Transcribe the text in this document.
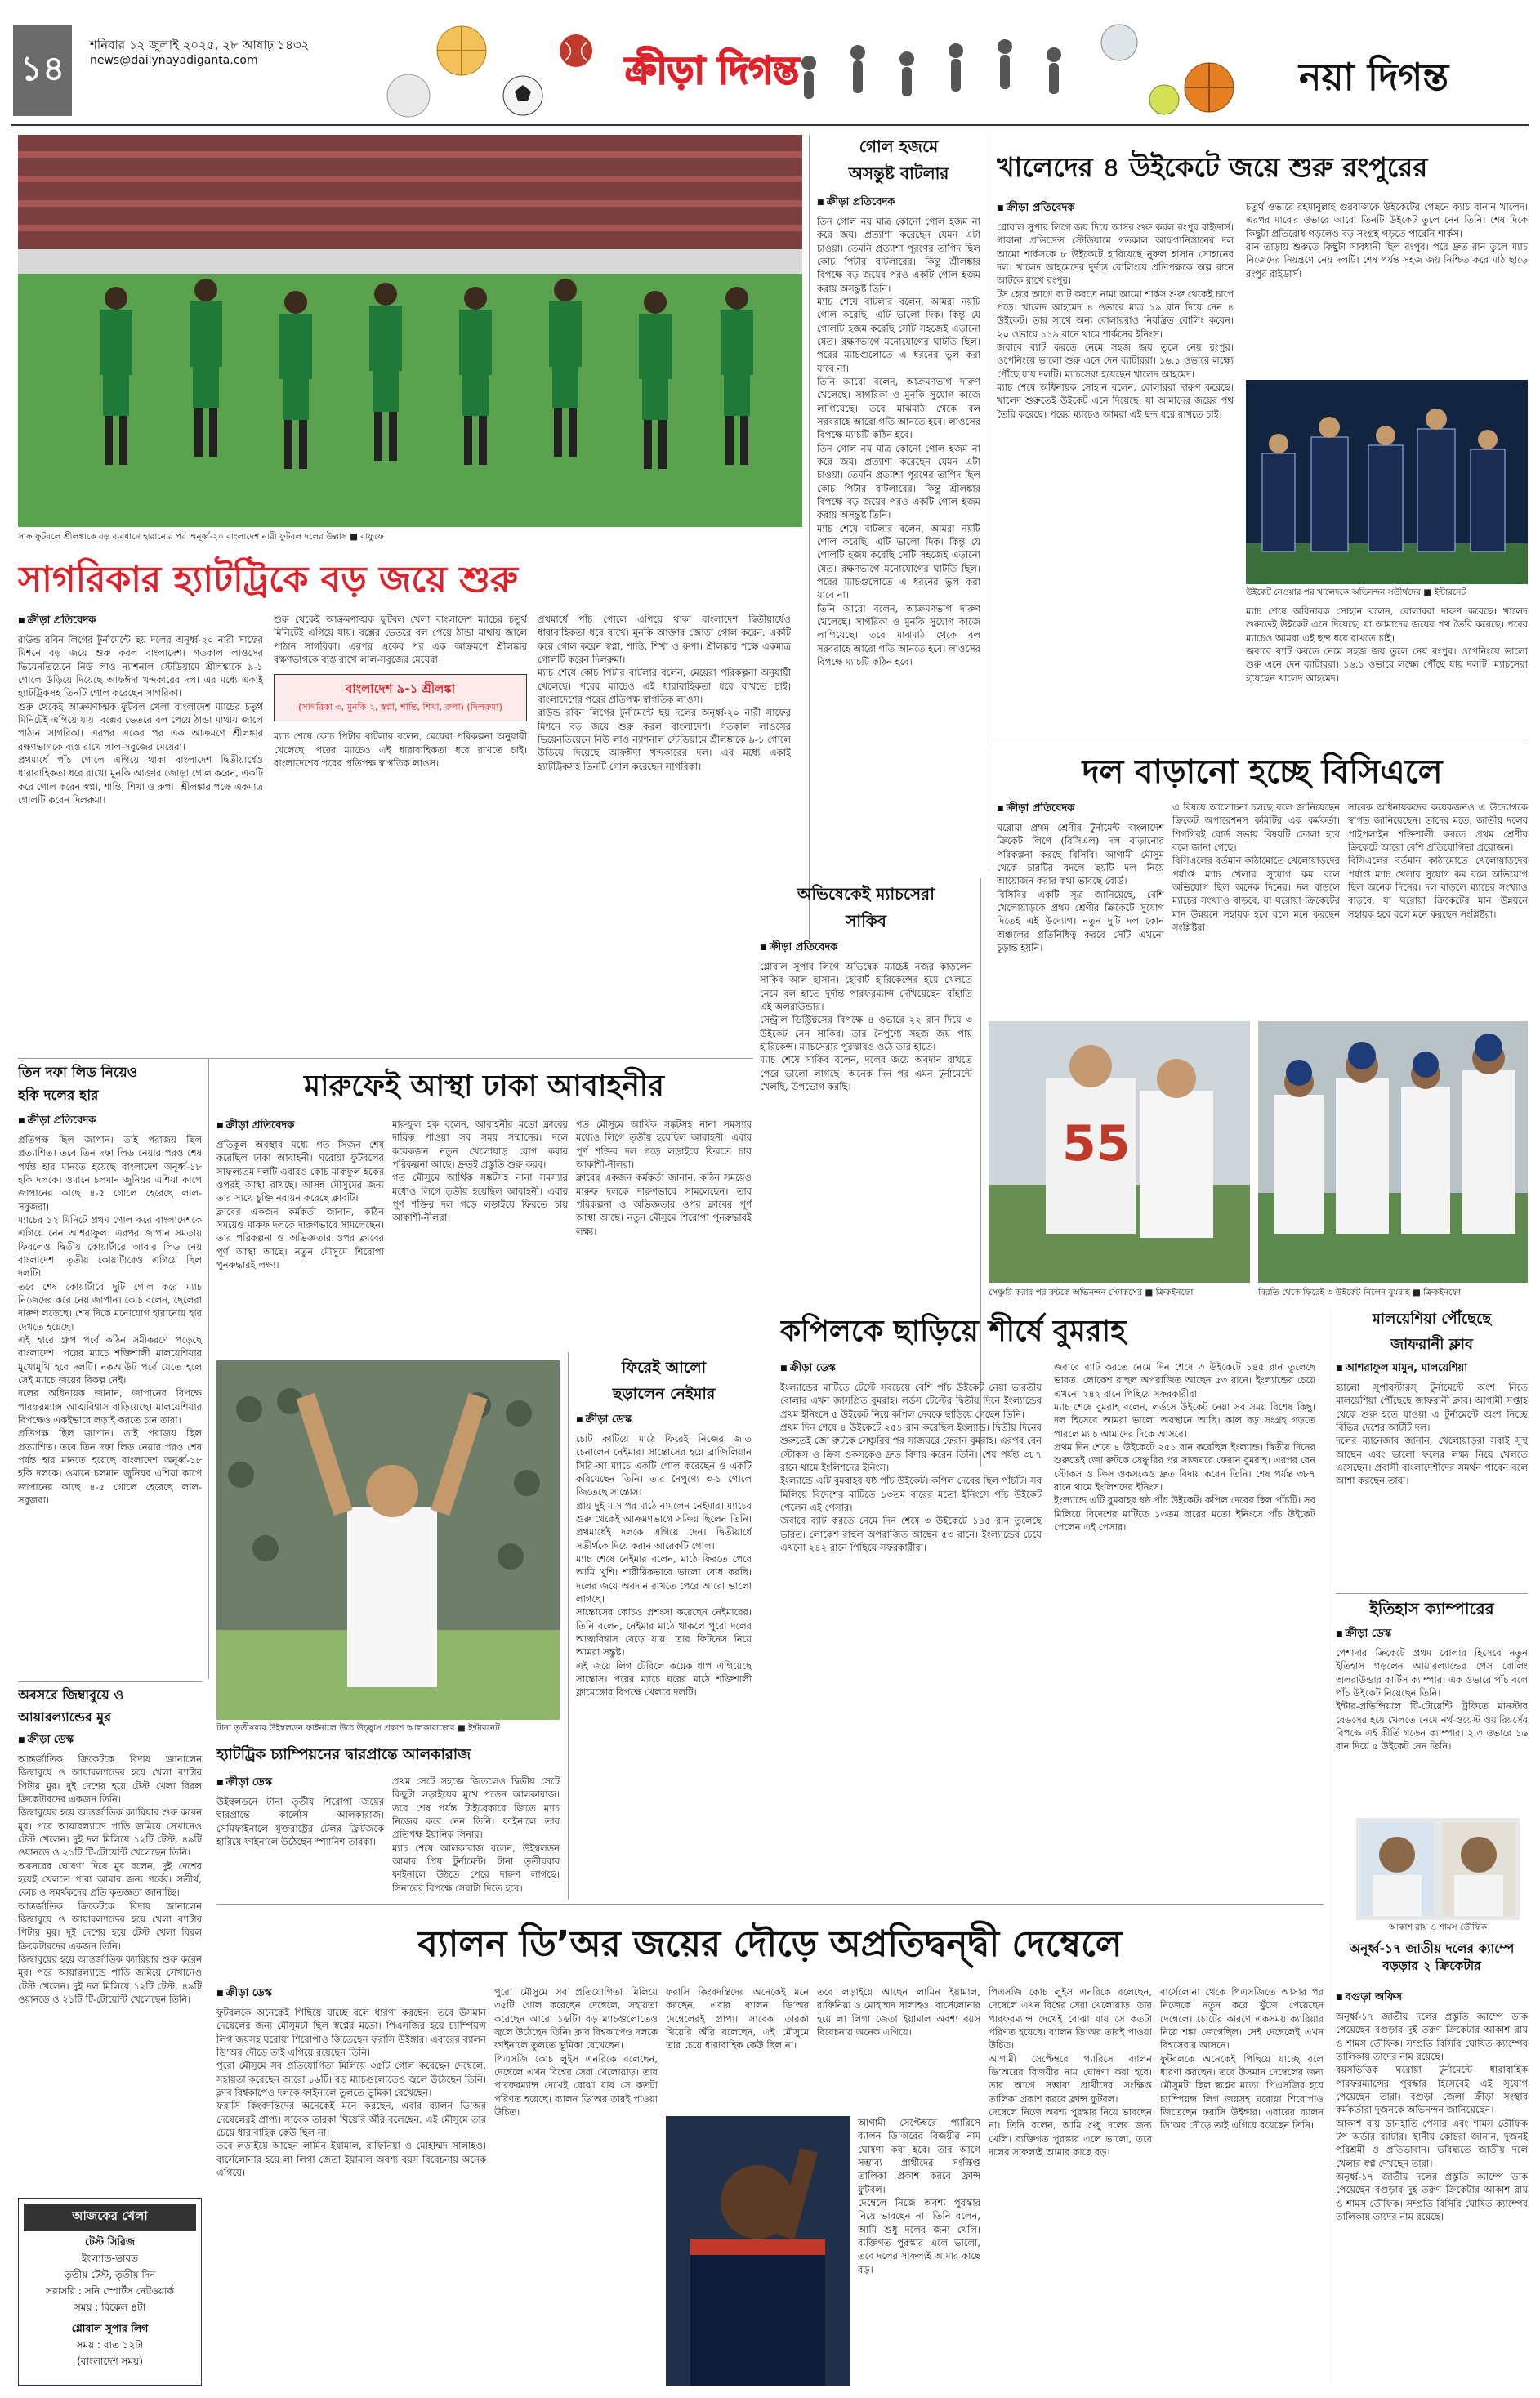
১৪
শনিবার ১২ জুলাই ২০২৫, ২৮ আষাঢ় ১৪৩২
news@dailynayadiganta.com	ক্রীড়া দিগন্ত	নয়া দিগন্ত
সাফ ফুটবলে শ্রীলঙ্কাকে বড় ব্যবধানে হারানোর পর অনূর্ধ্ব-২০ বাংলাদেশ নারী ফুটবল দলের উল্লাস ■ বাফুফে
সাগরিকার হ্যাটট্রিকে বড় জয়ে শুরু
■ ক্রীড়া প্রতিবেদক

রাউন্ড রবিন লিগের টুর্নামেন্টে ছয় দলের অনূর্ধ্ব-২০ নারী সাফের মিশনে বড় জয়ে শুরু করল বাংলাদেশ। গতকাল লাওসের ভিয়েনতিয়েনে নিউ লাও ন্যাশনাল স্টেডিয়ামে শ্রীলঙ্কাকে ৯-১ গোলে উড়িয়ে দিয়েছে আফঈদা খন্দকারের দল। এর মধ্যে একাই হ্যাটট্রিকসহ তিনটি গোল করেছেন সাগরিকা।

শুরু থেকেই আক্রমণাত্মক ফুটবল খেলা বাংলাদেশ ম্যাচের চতুর্থ মিনিটেই এগিয়ে যায়। বক্সের ভেতরে বল পেয়ে ঠান্ডা মাথায় জালে পাঠান সাগরিকা। এরপর একের পর এক আক্রমণে শ্রীলঙ্কার রক্ষণভাগকে ব্যস্ত রাখে লাল-সবুজের মেয়েরা।

প্রথমার্ধে পাঁচ গোলে এগিয়ে থাকা বাংলাদেশ দ্বিতীয়ার্ধেও ধারাবাহিকতা ধরে রাখে। মুনকি আক্তার জোড়া গোল করেন, একটি করে গোল করেন স্বপ্না, শান্তি, শিখা ও রুপা। শ্রীলঙ্কার পক্ষে একমাত্র গোলটি করেন দিলরুমা।

শুরু থেকেই আক্রমণাত্মক ফুটবল খেলা বাংলাদেশ ম্যাচের চতুর্থ মিনিটেই এগিয়ে যায়। বক্সের ভেতরে বল পেয়ে ঠান্ডা মাথায় জালে পাঠান সাগরিকা। এরপর একের পর এক আক্রমণে শ্রীলঙ্কার রক্ষণভাগকে ব্যস্ত রাখে লাল-সবুজের মেয়েরা।

বাংলাদেশ ৯-১ শ্রীলঙ্কা
(সাগরিকা ৩, মুনকি ২, স্বপ্না, শান্তি, শিখা, রুপা) (দিলরুমা)

ম্যাচ শেষে কোচ পিটার বাটলার বলেন, মেয়েরা পরিকল্পনা অনুযায়ী খেলেছে। পরের ম্যাচেও এই ধারাবাহিকতা ধরে রাখতে চাই। বাংলাদেশের পরের প্রতিপক্ষ স্বাগতিক লাওস।

প্রথমার্ধে পাঁচ গোলে এগিয়ে থাকা বাংলাদেশ দ্বিতীয়ার্ধেও ধারাবাহিকতা ধরে রাখে। মুনকি আক্তার জোড়া গোল করেন, একটি করে গোল করেন স্বপ্না, শান্তি, শিখা ও রুপা। শ্রীলঙ্কার পক্ষে একমাত্র গোলটি করেন দিলরুমা।

ম্যাচ শেষে কোচ পিটার বাটলার বলেন, মেয়েরা পরিকল্পনা অনুযায়ী খেলেছে। পরের ম্যাচেও এই ধারাবাহিকতা ধরে রাখতে চাই। বাংলাদেশের পরের প্রতিপক্ষ স্বাগতিক লাওস।

রাউন্ড রবিন লিগের টুর্নামেন্টে ছয় দলের অনূর্ধ্ব-২০ নারী সাফের মিশনে বড় জয়ে শুরু করল বাংলাদেশ। গতকাল লাওসের ভিয়েনতিয়েনে নিউ লাও ন্যাশনাল স্টেডিয়ামে শ্রীলঙ্কাকে ৯-১ গোলে উড়িয়ে দিয়েছে আফঈদা খন্দকারের দল। এর মধ্যে একাই হ্যাটট্রিকসহ তিনটি গোল করেছেন সাগরিকা।

গোল হজমে
অসন্তুষ্ট বাটলার
■ ক্রীড়া প্রতিবেদক

তিন গোল নয় মাত্র কোনো গোল হজম না করে জয়। প্রত্যাশা করেছেন যেমন এটা চাওয়া। তেমনি প্রত্যাশা পূরণের তাগিদ ছিল কোচ পিটার বাটলারের। কিন্তু শ্রীলঙ্কার বিপক্ষে বড় জয়ের পরও একটি গোল হজম করায় অসন্তুষ্ট তিনি।

ম্যাচ শেষে বাটলার বলেন, আমরা নয়টি গোল করেছি, এটি ভালো দিক। কিন্তু যে গোলটি হজম করেছি সেটি সহজেই এড়ানো যেত। রক্ষণভাগে মনোযোগের ঘাটতি ছিল। পরের ম্যাচগুলোতে এ ধরনের ভুল করা যাবে না।

তিনি আরো বলেন, আক্রমণভাগ দারুণ খেলেছে। সাগরিকা ও মুনকি সুযোগ কাজে লাগিয়েছে। তবে মাঝমাঠ থেকে বল সরবরাহে আরো গতি আনতে হবে। লাওসের বিপক্ষে ম্যাচটি কঠিন হবে।

তিন গোল নয় মাত্র কোনো গোল হজম না করে জয়। প্রত্যাশা করেছেন যেমন এটা চাওয়া। তেমনি প্রত্যাশা পূরণের তাগিদ ছিল কোচ পিটার বাটলারের। কিন্তু শ্রীলঙ্কার বিপক্ষে বড় জয়ের পরও একটি গোল হজম করায় অসন্তুষ্ট তিনি।

ম্যাচ শেষে বাটলার বলেন, আমরা নয়টি গোল করেছি, এটি ভালো দিক। কিন্তু যে গোলটি হজম করেছি সেটি সহজেই এড়ানো যেত। রক্ষণভাগে মনোযোগের ঘাটতি ছিল। পরের ম্যাচগুলোতে এ ধরনের ভুল করা যাবে না।

তিনি আরো বলেন, আক্রমণভাগ দারুণ খেলেছে। সাগরিকা ও মুনকি সুযোগ কাজে লাগিয়েছে। তবে মাঝমাঠ থেকে বল সরবরাহে আরো গতি আনতে হবে। লাওসের বিপক্ষে ম্যাচটি কঠিন হবে।

খালেদের ৪ উইকেটে জয়ে শুরু রংপুরের
■ ক্রীড়া প্রতিবেদক

গ্লোবাল সুপার লিগে জয় দিয়ে আসর শুরু করল রংপুর রাইডার্স। গায়ানা প্রভিডেন্স স্টেডিয়ামে গতকাল আফগানিস্তানের দল আমো শার্কসকে ৮ উইকেটে হারিয়েছে নুরুল হাসান সোহানের দল। খালেদ আহমেদের দুর্দান্ত বোলিংয়ে প্রতিপক্ষকে অল্প রানে আটকে রাখে রংপুর।

টস হেরে আগে ব্যাট করতে নামা আমো শার্কস শুরু থেকেই চাপে পড়ে। খালেদ আহমেদ ৪ ওভারে মাত্র ১৯ রান দিয়ে নেন ৪ উইকেট। তার সাথে অন্য বোলাররাও নিয়ন্ত্রিত বোলিং করেন। ২০ ওভারে ১১৯ রানে থামে শার্কসের ইনিংস।

জবাবে ব্যাট করতে নেমে সহজ জয় তুলে নেয় রংপুর। ওপেনিংয়ে ভালো শুরু এনে দেন ব্যাটাররা। ১৬.১ ওভারে লক্ষ্যে পৌঁছে যায় দলটি। ম্যাচসেরা হয়েছেন খালেদ আহমেদ।

ম্যাচ শেষে অধিনায়ক সোহান বলেন, বোলাররা দারুণ করেছে। খালেদ শুরুতেই উইকেট এনে দিয়েছে, যা আমাদের জয়ের পথ তৈরি করেছে। পরের ম্যাচেও আমরা এই ছন্দ ধরে রাখতে চাই।

চতুর্থ ওভারে রহমানুল্লাহ গুরবাজকে উইকেটের পেছনে ক্যাচ বানান খালেদ। এরপর মাঝের ওভারে আরো তিনটি উইকেট তুলে নেন তিনি। শেষ দিকে কিছুটা প্রতিরোধ গড়লেও বড় সংগ্রহ গড়তে পারেনি শার্কস।

রান তাড়ায় শুরুতে কিছুটা সাবধানী ছিল রংপুর। পরে দ্রুত রান তুলে ম্যাচ নিজেদের নিয়ন্ত্রণে নেয় দলটি। শেষ পর্যন্ত সহজ জয় নিশ্চিত করে মাঠ ছাড়ে রংপুর রাইডার্স।

উইকেট নেওয়ার পর খালেদকে অভিনন্দন সতীর্থদের ■ ইন্টারনেট

ম্যাচ শেষে অধিনায়ক সোহান বলেন, বোলাররা দারুণ করেছে। খালেদ শুরুতেই উইকেট এনে দিয়েছে, যা আমাদের জয়ের পথ তৈরি করেছে। পরের ম্যাচেও আমরা এই ছন্দ ধরে রাখতে চাই।

জবাবে ব্যাট করতে নেমে সহজ জয় তুলে নেয় রংপুর। ওপেনিংয়ে ভালো শুরু এনে দেন ব্যাটাররা। ১৬.১ ওভারে লক্ষ্যে পৌঁছে যায় দলটি। ম্যাচসেরা হয়েছেন খালেদ আহমেদ।

দল বাড়ানো হচ্ছে বিসিএলে
■ ক্রীড়া প্রতিবেদক

ঘরোয়া প্রথম শ্রেণীর টুর্নামেন্ট বাংলাদেশ ক্রিকেট লিগে (বিসিএল) দল বাড়ানোর পরিকল্পনা করছে বিসিবি। আগামী মৌসুম থেকে চারটির বদলে ছয়টি দল নিয়ে আয়োজন করার কথা ভাবছে বোর্ড।

বিসিবির একটি সূত্র জানিয়েছে, বেশি খেলোয়াড়কে প্রথম শ্রেণীর ক্রিকেটে সুযোগ দিতেই এই উদ্যোগ। নতুন দুটি দল কোন অঞ্চলের প্রতিনিধিত্ব করবে সেটি এখনো চূড়ান্ত হয়নি।

এ বিষয়ে আলোচনা চলছে বলে জানিয়েছেন ক্রিকেট অপারেশনস কমিটির এক কর্মকর্তা। শিগগিরই বোর্ড সভায় বিষয়টি তোলা হবে বলে জানা গেছে।

বিসিএলের বর্তমান কাঠামোতে খেলোয়াড়দের পর্যাপ্ত ম্যাচ খেলার সুযোগ কম বলে অভিযোগ ছিল অনেক দিনের। দল বাড়লে ম্যাচের সংখ্যাও বাড়বে, যা ঘরোয়া ক্রিকেটের মান উন্নয়নে সহায়ক হবে বলে মনে করছেন সংশ্লিষ্টরা।

সাবেক অধিনায়কদের কয়েকজনও এ উদ্যোগকে স্বাগত জানিয়েছেন। তাদের মতে, জাতীয় দলের পাইপলাইন শক্তিশালী করতে প্রথম শ্রেণীর ক্রিকেটে আরো বেশি প্রতিযোগিতা প্রয়োজন।

বিসিএলের বর্তমান কাঠামোতে খেলোয়াড়দের পর্যাপ্ত ম্যাচ খেলার সুযোগ কম বলে অভিযোগ ছিল অনেক দিনের। দল বাড়লে ম্যাচের সংখ্যাও বাড়বে, যা ঘরোয়া ক্রিকেটের মান উন্নয়নে সহায়ক হবে বলে মনে করছেন সংশ্লিষ্টরা।

অভিষেকেই ম্যাচসেরা
সাকিব
■ ক্রীড়া প্রতিবেদক

গ্লোবাল সুপার লিগে অভিষেক ম্যাচেই নজর কাড়লেন সাকিব আল হাসান। হোবার্ট হারিকেন্সের হয়ে খেলতে নেমে বল হাতে দুর্দান্ত পারফরম্যান্স দেখিয়েছেন বাঁহাতি এই অলরাউন্ডার।

সেন্ট্রাল ডিস্ট্রিক্টসের বিপক্ষে ৪ ওভারে ২২ রান দিয়ে ৩ উইকেট নেন সাকিব। তার নৈপুণ্যে সহজ জয় পায় হারিকেন্স। ম্যাচসেরার পুরস্কারও ওঠে তার হাতে।

ম্যাচ শেষে সাকিব বলেন, দলের জয়ে অবদান রাখতে পেরে ভালো লাগছে। অনেক দিন পর এমন টুর্নামেন্টে খেলছি, উপভোগ করছি।

55
সেঞ্চুরি করার পর রুটকে অভিনন্দন স্টোকসের ■ ক্রিকইনফো	বিরতি থেকে ফিরেই ৩ উইকেট নিলেন বুমরাহ ■ ক্রিকইনফো
কপিলকে ছাড়িয়ে শীর্ষে বুমরাহ
■ ক্রীড়া ডেস্ক

ইংল্যান্ডের মাটিতে টেস্টে সবচেয়ে বেশি পাঁচ উইকেট নেয়া ভারতীয় বোলার এখন জাসপ্রিত বুমরাহ। লর্ডস টেস্টের দ্বিতীয় দিনে ইংল্যান্ডের প্রথম ইনিংসে ৫ উইকেট নিয়ে কপিল দেবকে ছাড়িয়ে গেছেন তিনি।

প্রথম দিন শেষে ৪ উইকেটে ২৫১ রান করেছিল ইংল্যান্ড। দ্বিতীয় দিনের শুরুতেই জো রুটকে সেঞ্চুরির পর সাজঘরে ফেরান বুমরাহ। এরপর বেন স্টোকস ও ক্রিস ওকসকেও দ্রুত বিদায় করেন তিনি। শেষ পর্যন্ত ৩৮৭ রানে থামে ইংলিশদের ইনিংস।

ইংল্যান্ডে এটি বুমরাহর ষষ্ঠ পাঁচ উইকেট। কপিল দেবের ছিল পাঁচটি। সব মিলিয়ে বিদেশের মাটিতে ১৩তম বারের মতো ইনিংসে পাঁচ উইকেট পেলেন এই পেসার।

জবাবে ব্যাট করতে নেমে দিন শেষে ৩ উইকেটে ১৪৫ রান তুলেছে ভারত। লোকেশ রাহুল অপরাজিত আছেন ৫৩ রানে। ইংল্যান্ডের চেয়ে এখনো ২৪২ রানে পিছিয়ে সফরকারীরা।

জবাবে ব্যাট করতে নেমে দিন শেষে ৩ উইকেটে ১৪৫ রান তুলেছে ভারত। লোকেশ রাহুল অপরাজিত আছেন ৫৩ রানে। ইংল্যান্ডের চেয়ে এখনো ২৪২ রানে পিছিয়ে সফরকারীরা।

ম্যাচ শেষে বুমরাহ বলেন, লর্ডসে উইকেট নেয়া সব সময় বিশেষ কিছু। দল হিসেবে আমরা ভালো অবস্থানে আছি। কাল বড় সংগ্রহ গড়তে পারলে ম্যাচ আমাদের দিকে আসবে।

প্রথম দিন শেষে ৪ উইকেটে ২৫১ রান করেছিল ইংল্যান্ড। দ্বিতীয় দিনের শুরুতেই জো রুটকে সেঞ্চুরির পর সাজঘরে ফেরান বুমরাহ। এরপর বেন স্টোকস ও ক্রিস ওকসকেও দ্রুত বিদায় করেন তিনি। শেষ পর্যন্ত ৩৮৭ রানে থামে ইংলিশদের ইনিংস।

ইংল্যান্ডে এটি বুমরাহর ষষ্ঠ পাঁচ উইকেট। কপিল দেবের ছিল পাঁচটি। সব মিলিয়ে বিদেশের মাটিতে ১৩তম বারের মতো ইনিংসে পাঁচ উইকেট পেলেন এই পেসার।

মালয়েশিয়া পৌঁছেছে
জাফরানী ক্লাব
■ আশরাফুল মামুন, মালয়েশিয়া

হ্যালো সুপারস্টারস্‌ টুর্নামেন্টে অংশ নিতে মালয়েশিয়া পৌঁছেছে জাফরানী ক্লাব। আগামী সপ্তাহ থেকে শুরু হতে যাওয়া এ টুর্নামেন্টে অংশ নিচ্ছে বিভিন্ন দেশের আটটি দল।

দলের ম্যানেজার জানান, খেলোয়াড়রা সবাই সুস্থ আছেন এবং ভালো ফলের লক্ষ্য নিয়ে খেলতে এসেছেন। প্রবাসী বাংলাদেশীদের সমর্থন পাবেন বলে আশা করছেন তারা।

ইতিহাস ক্যাম্পারের
■ ক্রীড়া ডেস্ক

পেশাদার ক্রিকেটে প্রথম বোলার হিসেবে নতুন ইতিহাস গড়লেন আয়ারল্যান্ডের পেস বোলিং অলরাউন্ডার কার্টিস ক্যাম্পার। এক ওভারে পাঁচ বলে পাঁচ উইকেট নিয়েছেন তিনি।

ইন্টার-প্রভিন্সিয়াল টি-টোয়েন্টি ট্রফিতে মানস্টার রেডসের হয়ে খেলতে নেমে নর্থ-ওয়েস্ট ওয়ারিয়র্সের বিপক্ষে এই কীর্তি গড়েন ক্যাম্পার। ২.৩ ওভারে ১৬ রান দিয়ে ৫ উইকেট নেন তিনি।

আকাশ রায় ও শামস তৌফিক
অনূর্ধ্ব-১৭ জাতীয় দলের ক্যাম্পে বড়ড়ার ২ ক্রিকেটার
■ বগুড়া অফিস

অনূর্ধ্ব-১৭ জাতীয় দলের প্রস্তুতি ক্যাম্পে ডাক পেয়েছেন বগুড়ার দুই তরুণ ক্রিকেটার আকাশ রায় ও শামস তৌফিক। সম্প্রতি বিসিবি ঘোষিত ক্যাম্পের তালিকায় তাদের নাম রয়েছে।

বয়সভিত্তিক ঘরোয়া টুর্নামেন্টে ধারাবাহিক পারফরম্যান্সের পুরস্কার হিসেবেই এই সুযোগ পেয়েছেন তারা। বগুড়া জেলা ক্রীড়া সংস্থার কর্মকর্তারা দুজনকে অভিনন্দন জানিয়েছেন।

আকাশ রায় ডানহাতি পেসার এবং শামস তৌফিক টপ অর্ডার ব্যাটার। স্থানীয় কোচরা জানান, দুজনই পরিশ্রমী ও প্রতিভাবান। ভবিষ্যতে জাতীয় দলে খেলার স্বপ্ন দেখছেন তারা।

অনূর্ধ্ব-১৭ জাতীয় দলের প্রস্তুতি ক্যাম্পে ডাক পেয়েছেন বগুড়ার দুই তরুণ ক্রিকেটার আকাশ রায় ও শামস তৌফিক। সম্প্রতি বিসিবি ঘোষিত ক্যাম্পের তালিকায় তাদের নাম রয়েছে।

মারুফেই আস্থা ঢাকা আবাহনীর
■ ক্রীড়া প্রতিবেদক

প্রতিকূল অবস্থার মধ্যে গত সিজন শেষ করেছিল ঢাকা আবাহনী। ঘরোয়া ফুটবলের সাফল্যতম দলটি এবারও কোচ মারুফুল হকের ওপরই আস্থা রাখছে। আসন্ন মৌসুমের জন্য তার সাথে চুক্তি নবায়ন করেছে ক্লাবটি।

ক্লাবের একজন কর্মকর্তা জানান, কঠিন সময়েও মারুফ দলকে দারুণভাবে সামলেছেন। তার পরিকল্পনা ও অভিজ্ঞতার ওপর ক্লাবের পূর্ণ আস্থা আছে। নতুন মৌসুমে শিরোপা পুনরুদ্ধারই লক্ষ্য।

মারুফুল হক বলেন, আবাহনীর মতো ক্লাবের দায়িত্ব পাওয়া সব সময় সম্মানের। দলে কয়েকজন নতুন খেলোয়াড় যোগ করার পরিকল্পনা আছে। দ্রুতই প্রস্তুতি শুরু করব।

গত মৌসুমে আর্থিক সঙ্কটসহ নানা সমস্যার মধ্যেও লিগে তৃতীয় হয়েছিল আবাহনী। এবার পূর্ণ শক্তির দল গড়ে লড়াইয়ে ফিরতে চায় আকাশী-নীলরা।

গত মৌসুমে আর্থিক সঙ্কটসহ নানা সমস্যার মধ্যেও লিগে তৃতীয় হয়েছিল আবাহনী। এবার পূর্ণ শক্তির দল গড়ে লড়াইয়ে ফিরতে চায় আকাশী-নীলরা।

ক্লাবের একজন কর্মকর্তা জানান, কঠিন সময়েও মারুফ দলকে দারুণভাবে সামলেছেন। তার পরিকল্পনা ও অভিজ্ঞতার ওপর ক্লাবের পূর্ণ আস্থা আছে। নতুন মৌসুমে শিরোপা পুনরুদ্ধারই লক্ষ্য।

তিন দফা লিড নিয়েও
হকি দলের হার
■ ক্রীড়া প্রতিবেদক

প্রতিপক্ষ ছিল জাপান। তাই পরাজয় ছিল প্রত্যাশিত। তবে তিন দফা লিড নেয়ার পরও শেষ পর্যন্ত হার মানতে হয়েছে বাংলাদেশ অনূর্ধ্ব-১৮ হকি দলকে। ওমানে চলমান জুনিয়র এশিয়া কাপে জাপানের কাছে ৪-৫ গোলে হেরেছে লাল-সবুজরা।

ম্যাচের ১২ মিনিটে প্রথম গোল করে বাংলাদেশকে এগিয়ে নেন আশরাফুল। এরপর জাপান সমতায় ফিরলেও দ্বিতীয় কোয়ার্টারে আবার লিড নেয় বাংলাদেশ। তৃতীয় কোয়ার্টারেও এগিয়ে ছিল দলটি।

তবে শেষ কোয়ার্টারে দুটি গোল করে ম্যাচ নিজেদের করে নেয় জাপান। কোচ বলেন, ছেলেরা দারুণ লড়েছে। শেষ দিকে মনোযোগ হারানোয় হার দেখতে হয়েছে।

এই হারে গ্রুপ পর্বে কঠিন সমীকরণে পড়েছে বাংলাদেশ। পরের ম্যাচে শক্তিশালী মালয়েশিয়ার মুখোমুখি হবে দলটি। নকআউট পর্বে যেতে হলে সেই ম্যাচে জয়ের বিকল্প নেই।

দলের অধিনায়ক জানান, জাপানের বিপক্ষে পারফরম্যান্স আত্মবিশ্বাস বাড়িয়েছে। মালয়েশিয়ার বিপক্ষেও একইভাবে লড়াই করতে চান তারা।

প্রতিপক্ষ ছিল জাপান। তাই পরাজয় ছিল প্রত্যাশিত। তবে তিন দফা লিড নেয়ার পরও শেষ পর্যন্ত হার মানতে হয়েছে বাংলাদেশ অনূর্ধ্ব-১৮ হকি দলকে। ওমানে চলমান জুনিয়র এশিয়া কাপে জাপানের কাছে ৪-৫ গোলে হেরেছে লাল-সবুজরা।

অবসরে জিম্বাবুয়ে ও
আয়ারল্যান্ডের মুর
■ ক্রীড়া ডেস্ক

আন্তর্জাতিক ক্রিকেটকে বিদায় জানালেন জিম্বাবুয়ে ও আয়ারল্যান্ডের হয়ে খেলা ব্যাটার পিটার মুর। দুই দেশের হয়ে টেস্ট খেলা বিরল ক্রিকেটারদের একজন তিনি।

জিম্বাবুয়ের হয়ে আন্তর্জাতিক ক্যারিয়ার শুরু করেন মুর। পরে আয়ারল্যান্ডে পাড়ি জমিয়ে সেখানেও টেস্ট খেলেন। দুই দল মিলিয়ে ১২টি টেস্ট, ৪৯টি ওয়ানডে ও ২১টি টি-টোয়েন্টি খেলেছেন তিনি।

অবসরের ঘোষণা দিয়ে মুর বলেন, দুই দেশের হয়েই খেলতে পারা আমার জন্য গর্বের। সতীর্থ, কোচ ও সমর্থকদের প্রতি কৃতজ্ঞতা জানাচ্ছি।

আন্তর্জাতিক ক্রিকেটকে বিদায় জানালেন জিম্বাবুয়ে ও আয়ারল্যান্ডের হয়ে খেলা ব্যাটার পিটার মুর। দুই দেশের হয়ে টেস্ট খেলা বিরল ক্রিকেটারদের একজন তিনি।

জিম্বাবুয়ের হয়ে আন্তর্জাতিক ক্যারিয়ার শুরু করেন মুর। পরে আয়ারল্যান্ডে পাড়ি জমিয়ে সেখানেও টেস্ট খেলেন। দুই দল মিলিয়ে ১২টি টেস্ট, ৪৯টি ওয়ানডে ও ২১টি টি-টোয়েন্টি খেলেছেন তিনি।

আজকের খেলা
টেস্ট সিরিজ
ইংল্যান্ড-ভারত
তৃতীয় টেস্ট, তৃতীয় দিন
সরাসরি : সনি স্পোর্টস নেটওয়ার্ক
সময় : বিকেল ৪টা
গ্লোবাল সুপার লিগ
সময় : রাত ১২টা
(বাংলাদেশ সময়)
টানা তৃতীয়বার উইম্বলডন ফাইনালে উঠে উচ্ছ্বাস প্রকাশ আলকারাজের ■ ইন্টারনেট
হ্যাটট্রিক চ্যাম্পিয়নের দ্বারপ্রান্তে আলকারাজ
■ ক্রীড়া ডেস্ক

উইম্বলডনে টানা তৃতীয় শিরোপা জয়ের দ্বারপ্রান্তে কার্লোস আলকারাজ। সেমিফাইনালে যুক্তরাষ্ট্রের টেলর ফ্রিটজকে হারিয়ে ফাইনালে উঠেছেন স্প্যানিশ তারকা।

প্রথম সেটে সহজে জিতলেও দ্বিতীয় সেটে কিছুটা লড়াইয়ের মুখে পড়েন আলকারাজ। তবে শেষ পর্যন্ত টাইব্রেকারে জিতে ম্যাচ নিজের করে নেন তিনি। ফাইনালে তার প্রতিপক্ষ ইয়ানিক সিনার।

ম্যাচ শেষে আলকারাজ বলেন, উইম্বলডন আমার প্রিয় টুর্নামেন্ট। টানা তৃতীয়বার ফাইনালে উঠতে পেরে দারুণ লাগছে। সিনারের বিপক্ষে সেরাটা দিতে হবে।

ফিরেই আলো
ছড়ালেন নেইমার
■ ক্রীড়া ডেস্ক

চোট কাটিয়ে মাঠে ফিরেই নিজের জাত চেনালেন নেইমার। সান্তোসের হয়ে ব্রাজিলিয়ান সিরি-আ ম্যাচে একটি গোল করেছেন ও একটি করিয়েছেন তিনি। তার নৈপুণ্যে ৩-১ গোলে জিতেছে সান্তোস।

প্রায় দুই মাস পর মাঠে নামলেন নেইমার। ম্যাচের শুরু থেকেই আক্রমণভাগে সক্রিয় ছিলেন তিনি। প্রথমার্ধেই দলকে এগিয়ে দেন। দ্বিতীয়ার্ধে সতীর্থকে দিয়ে করান আরেকটি গোল।

ম্যাচ শেষে নেইমার বলেন, মাঠে ফিরতে পেরে আমি খুশি। শারীরিকভাবে ভালো বোধ করছি। দলের জয়ে অবদান রাখতে পেরে আরো ভালো লাগছে।

সান্তোসের কোচও প্রশংসা করেছেন নেইমারের। তিনি বলেন, নেইমার মাঠে থাকলে পুরো দলের আত্মবিশ্বাস বেড়ে যায়। তার ফিটনেস নিয়ে আমরা সন্তুষ্ট।

এই জয়ে লিগ টেবিলে কয়েক ধাপ এগিয়েছে সান্তোস। পরের ম্যাচে ঘরের মাঠে শক্তিশালী ফ্লামেঙ্গোর বিপক্ষে খেলবে দলটি।

ব্যালন ডি’অর জয়ের দৌড়ে অপ্রতিদ্বন্দ্বী দেম্বেলে
■ ক্রীড়া ডেস্ক

ফুটবলকে অনেকেই পিছিয়ে যাচ্ছে বলে ধারণা করছেন। তবে উসমান দেম্বেলের জন্য মৌসুমটা ছিল স্বপ্নের মতো। পিএসজির হয়ে চ্যাম্পিয়ন্স লিগ জয়সহ ঘরোয়া শিরোপাও জিতেছেন ফরাসি উইঙ্গার। এবারের ব্যালন ডি’অর দৌড়ে তাই এগিয়ে রয়েছেন তিনি।

পুরো মৌসুমে সব প্রতিযোগিতা মিলিয়ে ৩৫টি গোল করেছেন দেম্বেলে, সহায়তা করেছেন আরো ১৬টি। বড় ম্যাচগুলোতেও জ্বলে উঠেছেন তিনি। ক্লাব বিশ্বকাপেও দলকে ফাইনালে তুলতে ভূমিকা রেখেছেন।

ফরাসি কিংবদন্তিদের অনেকেই মনে করছেন, এবার ব্যালন ডি’অর দেম্বেলেরই প্রাপ্য। সাবেক তারকা থিয়েরি অঁরি বলেছেন, এই মৌসুমে তার চেয়ে ধারাবাহিক কেউ ছিল না।

তবে লড়াইয়ে আছেন লামিন ইয়ামাল, রাফিনিয়া ও মোহাম্মদ সালাহও। বার্সেলোনার হয়ে লা লিগা জেতা ইয়ামাল অবশ্য বয়স বিবেচনায় অনেক এগিয়ে।

পুরো মৌসুমে সব প্রতিযোগিতা মিলিয়ে ৩৫টি গোল করেছেন দেম্বেলে, সহায়তা করেছেন আরো ১৬টি। বড় ম্যাচগুলোতেও জ্বলে উঠেছেন তিনি। ক্লাব বিশ্বকাপেও দলকে ফাইনালে তুলতে ভূমিকা রেখেছেন।

পিএসজি কোচ লুইস এনরিকে বলেছেন, দেম্বেলে এখন বিশ্বের সেরা খেলোয়াড়। তার পারফরম্যান্স দেখেই বোঝা যায় সে কতটা পরিণত হয়েছে। ব্যালন ডি’অর তারই পাওয়া উচিত।

ফরাসি কিংবদন্তিদের অনেকেই মনে করছেন, এবার ব্যালন ডি’অর দেম্বেলেরই প্রাপ্য। সাবেক তারকা থিয়েরি অঁরি বলেছেন, এই মৌসুমে তার চেয়ে ধারাবাহিক কেউ ছিল না।

তবে লড়াইয়ে আছেন লামিন ইয়ামাল, রাফিনিয়া ও মোহাম্মদ সালাহও। বার্সেলোনার হয়ে লা লিগা জেতা ইয়ামাল অবশ্য বয়স বিবেচনায় অনেক এগিয়ে।

আগামী সেপ্টেম্বরে প্যারিসে ব্যালন ডি’অরের বিজয়ীর নাম ঘোষণা করা হবে। তার আগে সম্ভাব্য প্রার্থীদের সংক্ষিপ্ত তালিকা প্রকাশ করবে ফ্রান্স ফুটবল।

দেম্বেলে নিজে অবশ্য পুরস্কার নিয়ে ভাবছেন না। তিনি বলেন, আমি শুধু দলের জন্য খেলি। ব্যক্তিগত পুরস্কার এলে ভালো, তবে দলের সাফল্যই আমার কাছে বড়।

পিএসজি কোচ লুইস এনরিকে বলেছেন, দেম্বেলে এখন বিশ্বের সেরা খেলোয়াড়। তার পারফরম্যান্স দেখেই বোঝা যায় সে কতটা পরিণত হয়েছে। ব্যালন ডি’অর তারই পাওয়া উচিত।

আগামী সেপ্টেম্বরে প্যারিসে ব্যালন ডি’অরের বিজয়ীর নাম ঘোষণা করা হবে। তার আগে সম্ভাব্য প্রার্থীদের সংক্ষিপ্ত তালিকা প্রকাশ করবে ফ্রান্স ফুটবল।

দেম্বেলে নিজে অবশ্য পুরস্কার নিয়ে ভাবছেন না। তিনি বলেন, আমি শুধু দলের জন্য খেলি। ব্যক্তিগত পুরস্কার এলে ভালো, তবে দলের সাফল্যই আমার কাছে বড়।

বার্সেলোনা থেকে পিএসজিতে আসার পর নিজেকে নতুন করে খুঁজে পেয়েছেন দেম্বেলে। চোটের কারণে একসময় ক্যারিয়ার নিয়ে শঙ্কা জেগেছিল। সেই দেম্বেলেই এখন বিশ্বসেরার আসনে।

ফুটবলকে অনেকেই পিছিয়ে যাচ্ছে বলে ধারণা করছেন। তবে উসমান দেম্বেলের জন্য মৌসুমটা ছিল স্বপ্নের মতো। পিএসজির হয়ে চ্যাম্পিয়ন্স লিগ জয়সহ ঘরোয়া শিরোপাও জিতেছেন ফরাসি উইঙ্গার। এবারের ব্যালন ডি’অর দৌড়ে তাই এগিয়ে রয়েছেন তিনি।
